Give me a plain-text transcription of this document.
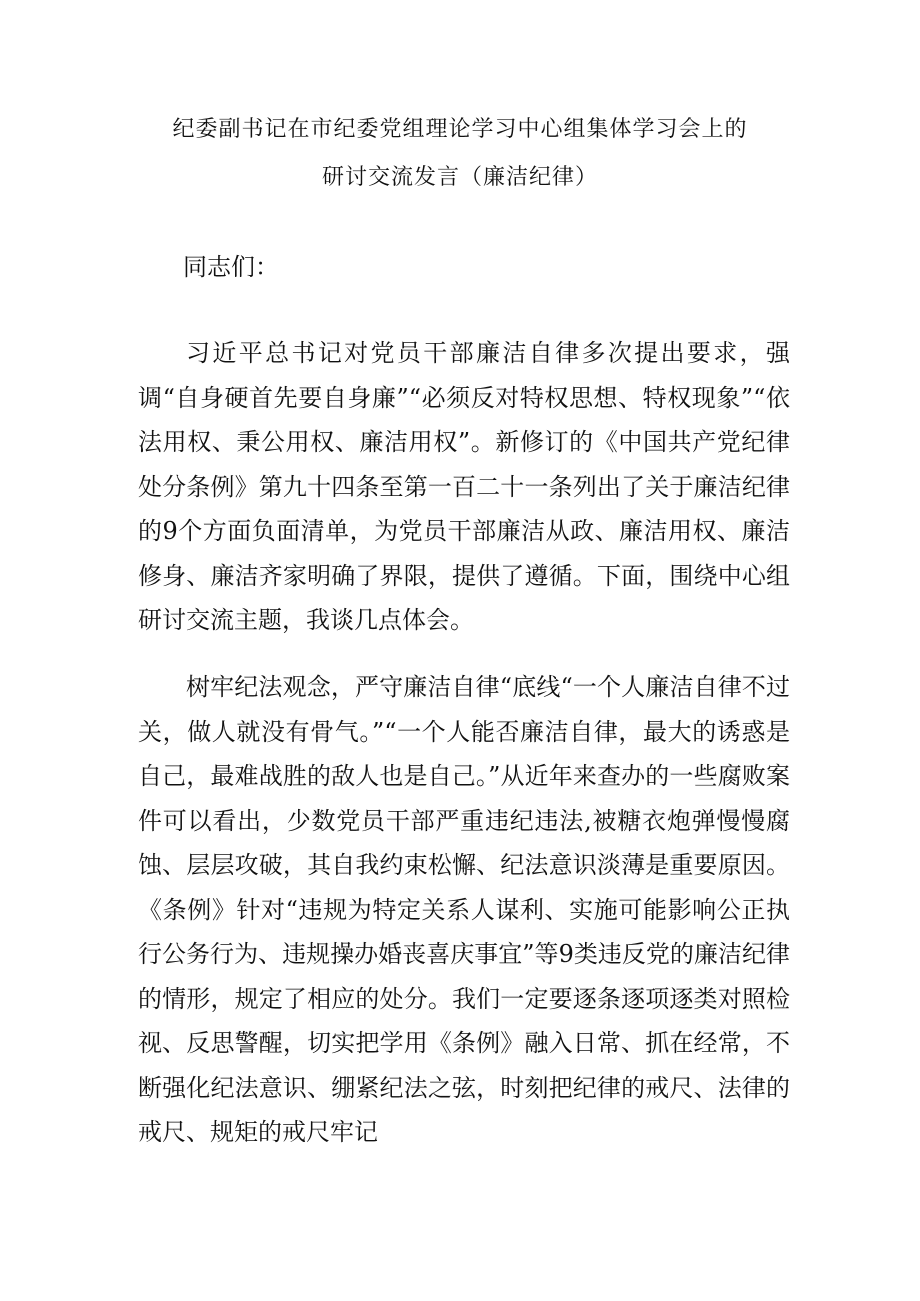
纪委副书记在市纪委党组理论学习中心组集体学习会上的
研讨交流发言（廉洁纪律）
同志们：
习近平总书记对党员干部廉洁自律多次提出要求，强调“自身硬首先要自身廉”“必须反对特权思想、特权现象”“依法用权、秉公用权、廉洁用权”。新修订的《中国共产党纪律处分条例》第九十四条至第一百二十一条列出了关于廉洁纪律的9个方面负面清单，为党员干部廉洁从政、廉洁用权、廉洁修身、廉洁齐家明确了界限，提供了遵循。下面，围绕中心组研讨交流主题，我谈几点体会。
树牢纪法观念，严守廉洁自律“底线“一个人廉洁自律不过关，做人就没有骨气。”“一个人能否廉洁自律，最大的诱惑是自己，最难战胜的敌人也是自己。”从近年来查办的一些腐败案件可以看出，少数党员干部严重违纪违法,被糖衣炮弹慢慢腐蚀、层层攻破，其自我约束松懈、纪法意识淡薄是重要原因。《条例》针对“违规为特定关系人谋利、实施可能影响公正执行公务行为、违规操办婚丧喜庆事宜”等9类违反党的廉洁纪律的情形，规定了相应的处分。我们一定要逐条逐项逐类对照检视、反思警醒，切实把学用《条例》融入日常、抓在经常，不断强化纪法意识、绷紧纪法之弦，时刻把纪律的戒尺、法律的戒尺、规矩的戒尺牢记
